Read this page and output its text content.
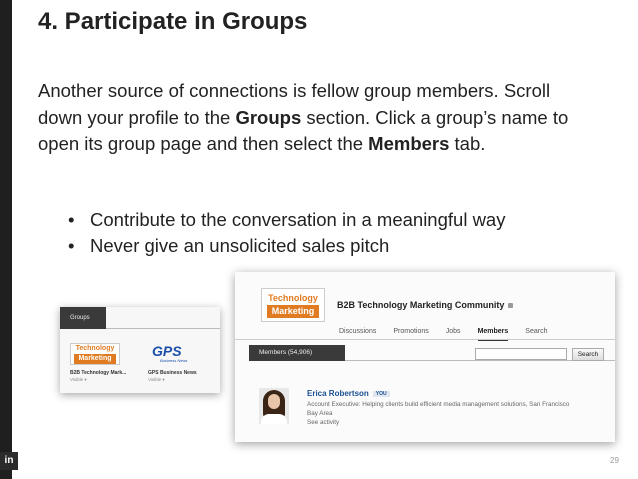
in
4. Participate in Groups

Another source of connections is fellow group members. Scroll down your profile to the Groups section. Click a group’s name to open its group page and then select the Members tab.

• Contribute to the conversation in a meaningful way
• Never give an unsolicited sales pitch
Groups
Technology
Marketing	GPS
Business News
B2B Technology Mark...
Visible ▾
GPS Business News
Visible ▾
Technology
Marketing
B2B Technology Marketing Community
Discussions Promotions Jobs Members Search
Members (54,906)	Search
Erica Robertson YOU
Account Executive: Helping clients build efficient media management solutions, San Francisco
Bay Area
See activity
29
